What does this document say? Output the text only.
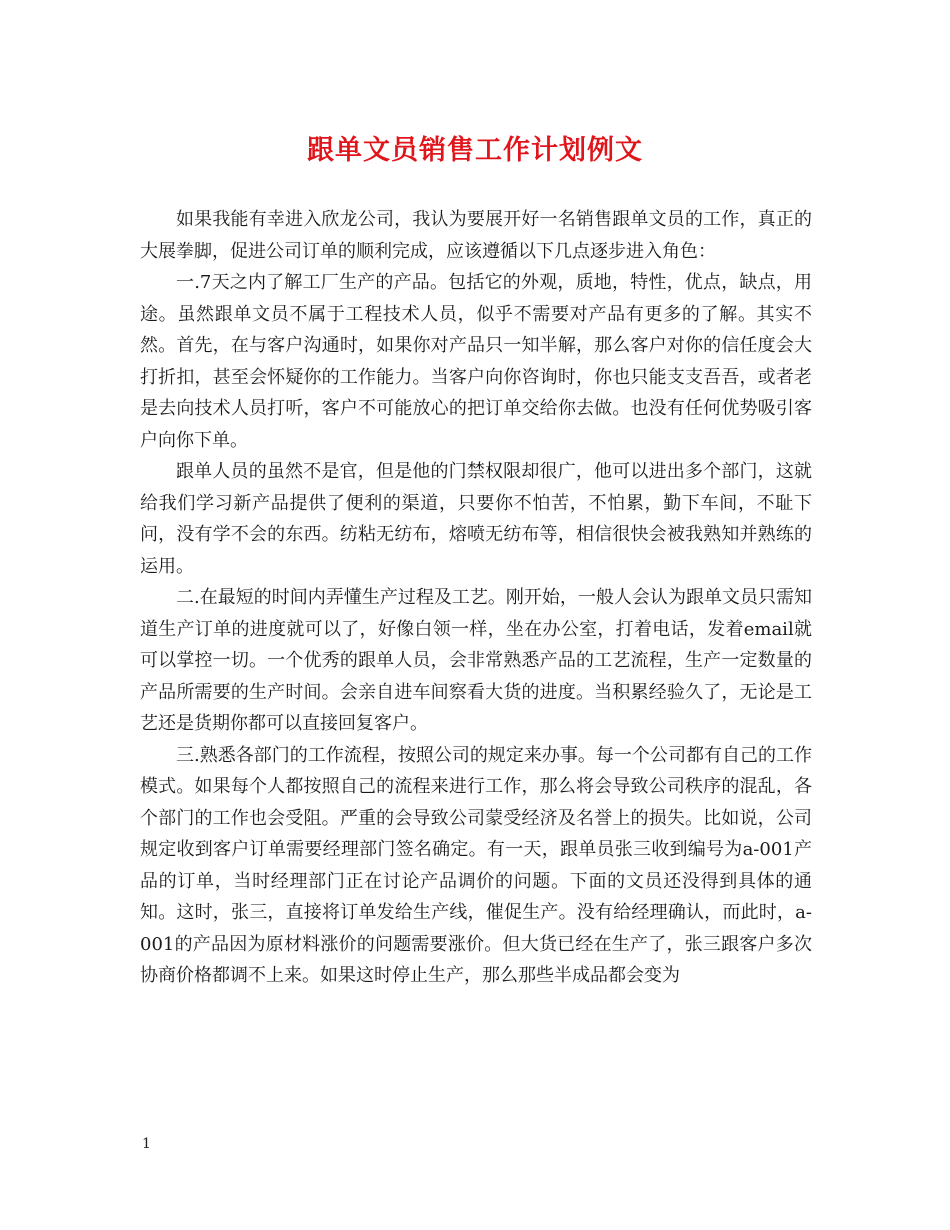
跟单文员销售工作计划例文

如果我能有幸进入欣龙公司，我认为要展开好一名销售跟单文员的工作，真正的大展拳脚，促进公司订单的顺利完成，应该遵循以下几点逐步进入角色：

一.7天之内了解工厂生产的产品。包括它的外观，质地，特性，优点，缺点，用途。虽然跟单文员不属于工程技术人员，似乎不需要对产品有更多的了解。其实不然。首先，在与客户沟通时，如果你对产品只一知半解，那么客户对你的信任度会大打折扣，甚至会怀疑你的工作能力。当客户向你咨询时，你也只能支支吾吾，或者老是去向技术人员打听，客户不可能放心的把订单交给你去做。也没有任何优势吸引客户向你下单。

跟单人员的虽然不是官，但是他的门禁权限却很广，他可以进出多个部门，这就给我们学习新产品提供了便利的渠道，只要你不怕苦，不怕累，勤下车间，不耻下问，没有学不会的东西。纺粘无纺布，熔喷无纺布等，相信很快会被我熟知并熟练的运用。

二.在最短的时间内弄懂生产过程及工艺。刚开始，一般人会认为跟单文员只需知道生产订单的进度就可以了，好像白领一样，坐在办公室，打着电话，发着email就可以掌控一切。一个优秀的跟单人员，会非常熟悉产品的工艺流程，生产一定数量的产品所需要的生产时间。会亲自进车间察看大货的进度。当积累经验久了，无论是工艺还是货期你都可以直接回复客户。

三.熟悉各部门的工作流程，按照公司的规定来办事。每一个公司都有自己的工作模式。如果每个人都按照自己的流程来进行工作，那么将会导致公司秩序的混乱，各个部门的工作也会受阻。严重的会导致公司蒙受经济及名誉上的损失。比如说，公司规定收到客户订单需要经理部门签名确定。有一天，跟单员张三收到编号为a-001产品的订单，当时经理部门正在讨论产品调价的问题。下面的文员还没得到具体的通知。这时，张三，直接将订单发给生产线，催促生产。没有给经理确认，而此时，a-001的产品因为原材料涨价的问题需要涨价。但大货已经在生产了，张三跟客户多次协商价格都调不上来。如果这时停止生产，那么那些半成品都会变为

1
